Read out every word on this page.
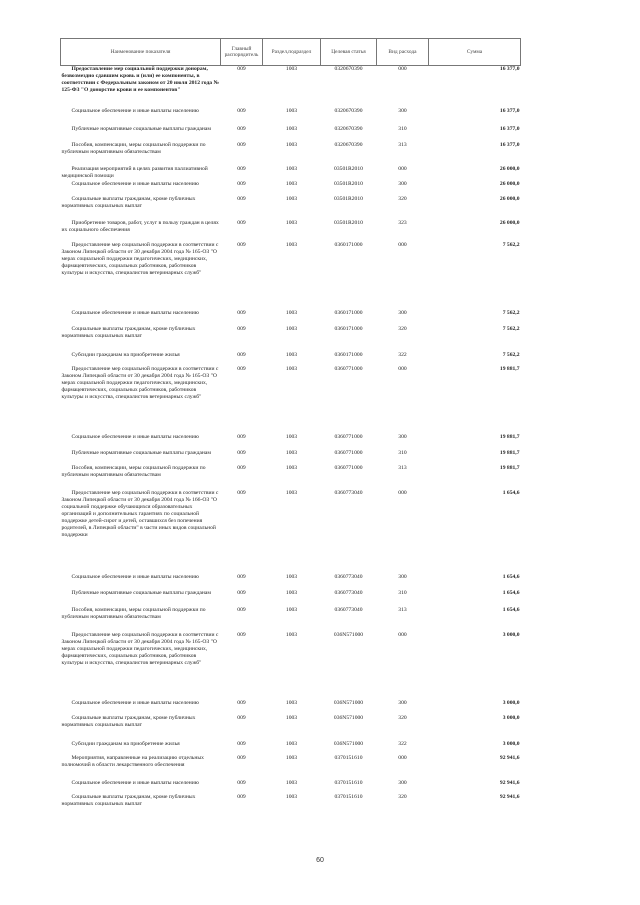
Наименование показателя	Главный распорядитель	Раздел,подраздел	Целевая статья	Вид расхода	Сумма

Предоставление мер социальной поддержки донорам, безвозмездно сдавшим кровь и (или) ее компоненты, в соответствии с Федеральным законом от 20 июля 2012 года № 125-ФЗ "О донорстве крови и ее компонентов"	009	1003	0320670390	000	16 377,0

Социальное обеспечение и иные выплаты населению	009	1003	0320670390	300	16 377,0

Публичные нормативные социальные выплаты гражданам	009	1003	0320670390	310	16 377,0

Пособия, компенсации, меры социальной поддержки по публичным нормативным обязательствам	009	1003	0320670390	313	16 377,0

Реализация мероприятий в целях развития паллиативной медицинской помощи	009	1003	03501R2010	000	26 000,0

Социальное обеспечение и иные выплаты населению	009	1003	03501R2010	300	26 000,0

Социальные выплаты гражданам, кроме публичных нормативных социальных выплат	009	1003	03501R2010	320	26 000,0

Приобретение товаров, работ, услуг в пользу граждан в целях их социального обеспечения	009	1003	03501R2010	323	26 000,0

Предоставление мер социальной поддержки в соответствии с Законом Липецкой области от 30 декабря 2004 года № 165-ОЗ "О мерах социальной поддержки педагогических, медицинских, фармацевтических, социальных работников, работников культуры и искусства, специалистов ветеринарных служб"	009	1003	0360171000	000	7 562,2

Социальное обеспечение и иные выплаты населению	009	1003	0360171000	300	7 562,2

Социальные выплаты гражданам, кроме публичных нормативных социальных выплат	009	1003	0360171000	320	7 562,2

Субсидии гражданам на приобретение жилья	009	1003	0360171000	322	7 562,2

Предоставление мер социальной поддержки в соответствии с Законом Липецкой области от 30 декабря 2004 года № 165-ОЗ "О мерах социальной поддержки педагогических, медицинских, фармацевтических, социальных работников, работников культуры и искусства, специалистов ветеринарных служб"	009	1003	0360771000	000	19 881,7

Социальное обеспечение и иные выплаты населению	009	1003	0360771000	300	19 881,7

Публичные нормативные социальные выплаты гражданам	009	1003	0360771000	310	19 881,7

Пособия, компенсации, меры социальной поддержки по публичным нормативным обязательствам	009	1003	0360771000	313	19 881,7

Предоставление мер социальной поддержки в соответствии с Законом Липецкой области от 30 декабря 2004 года № 166-ОЗ "О социальной поддержке обучающихся образовательных организаций и дополнительных гарантиях по социальной поддержке детей-сирот и детей, оставшихся без попечения родителей, в Липецкой области" в части иных видов социальной поддержки	009	1003	0360773040	000	1 654,6

Социальное обеспечение и иные выплаты населению	009	1003	0360773040	300	1 654,6

Публичные нормативные социальные выплаты гражданам	009	1003	0360773040	310	1 654,6

Пособия, компенсации, меры социальной поддержки по публичным нормативным обязательствам	009	1003	0360773040	313	1 654,6

Предоставление мер социальной поддержки в соответствии с Законом Липецкой области от 30 декабря 2004 года № 165-ОЗ "О мерах социальной поддержки педагогических, медицинских, фармацевтических, социальных работников, работников культуры и искусства, специалистов ветеринарных служб"	009	1003	036N571000	000	3 000,0

Социальное обеспечение и иные выплаты населению	009	1003	036N571000	300	3 000,0

Социальные выплаты гражданам, кроме публичных нормативных социальных выплат	009	1003	036N571000	320	3 000,0

Субсидии гражданам на приобретение жилья	009	1003	036N571000	322	3 000,0

Мероприятия, направленные на реализацию отдельных полномочий в области лекарственного обеспечения	009	1003	0370151610	000	92 941,6

Социальное обеспечение и иные выплаты населению	009	1003	0370151610	300	92 941,6

Социальные выплаты гражданам, кроме публичных нормативных социальных выплат	009	1003	0370151610	320	92 941,6
60
